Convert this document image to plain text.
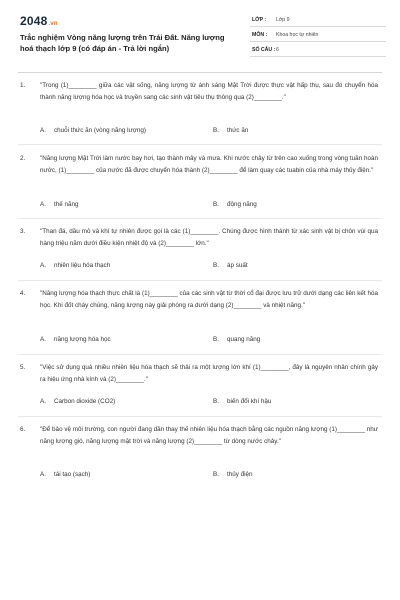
2048.vn
Trắc nghiệm Vòng năng lượng trên Trái Đất. Năng lượng hoá thạch lớp 9 (có đáp án - Trả lời ngắn)
LỚP : Lớp 9
MÔN : Khoa học tự nhiên
SỐ CÂU : 6
1. "Trong (1)________ giữa các vật sống, năng lượng từ ánh sáng Mặt Trời được thực vật hấp thụ, sau đó chuyển hóa thành năng lượng hóa học và truyền sang các sinh vật tiêu thụ thông qua (2)________."
A. chuỗi thức ăn (vòng năng lượng)	B. thức ăn
2. "Năng lượng Mặt Trời làm nước bay hơi, tạo thành mây và mưa. Khi nước chảy từ trên cao xuống trong vòng tuần hoàn nước, (1)________ của nước đã được chuyển hóa thành (2)________ để làm quay các tuabin của nhà máy thủy điện."
A. thế năng	B. động năng
3. "Than đá, dầu mỏ và khí tự nhiên được gọi là các (1)________. Chúng được hình thành từ xác sinh vật bị chôn vùi qua hàng triệu năm dưới điều kiện nhiệt độ và (2)________ lớn."
A. nhiên liệu hóa thạch	B. áp suất
4. "Năng lượng hóa thạch thực chất là (1)________ của các sinh vật từ thời cổ đại được lưu trữ dưới dạng các liên kết hóa học. Khi đốt cháy chúng, năng lượng này giải phóng ra dưới dạng (2)________ và nhiệt năng."
A. năng lượng hóa học	B. quang năng
5. "Việc sử dụng quá nhiều nhiên liệu hóa thạch sẽ thải ra một lượng lớn khí (1)________, đây là nguyên nhân chính gây ra hiệu ứng nhà kính và (2)________."
A. Carbon dioxide (CO2)	B. biến đổi khí hậu
6. "Để bảo vệ môi trường, con người đang dần thay thế nhiên liệu hóa thạch bằng các nguồn năng lượng (1)________ như năng lượng gió, năng lượng mặt trời và năng lượng (2)________ từ dòng nước chảy."
A. tái tạo (sạch)	B. thủy điện
